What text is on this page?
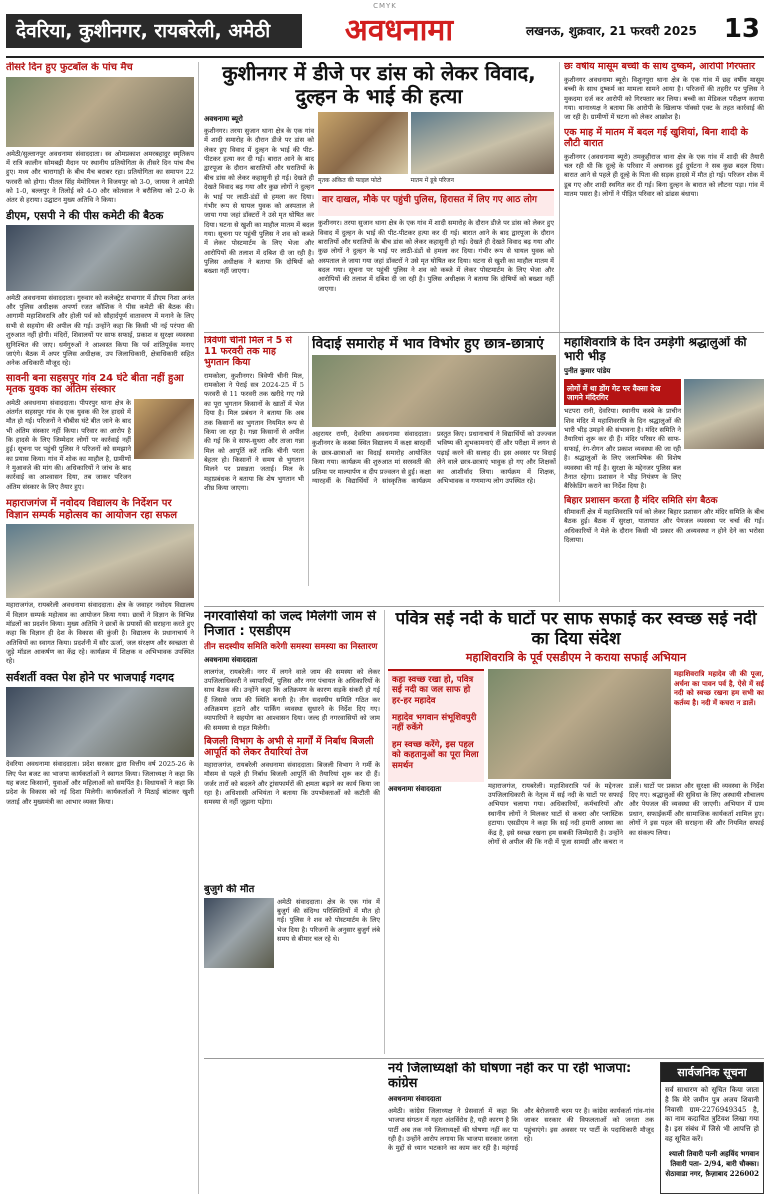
CMYK
देवरिया, कुशीनगर, रायबरेली, अमेठी	अवधनामा	लखनऊ, शुक्रवार, 21 फरवरी 2025 13
तीसरे दिन हुए फुटबॉल के पांच मैच
अमेठी/सुल्तानपुर अवधनामा संवाददाता। स्व ओमप्रकाश अमरबहादुर स्मृतिकप में रात्रि कालीन सोमबद्री मैदान पर स्थानीय प्रतियोगिता के तीसरे दिन पांच मैच हुए। मध्य और चारागाही के बीच मैच बराबर रहा। प्रतियोगिता का समापन 22 फरवरी को होगा। पीतल सिंह मेमोरियल ने विजयपुर को 3-0, जायस ने आमेठी को 1-0, बल्लपुर ने तिलोई को 4-0 और कोतवाल ने बरौलिया को 2-0 के अंतर से हराया। उद्घाटन मुख्य अतिथि ने किया।
डीएम, एसपी ने की पीस कमेटी की बैठक
अमेठी अवधनामा संवाददाता। गुरुवार को कलेक्ट्रेट सभागार में डीएम निशा अनंत और पुलिस अधीक्षक अपर्णा रजत कौशिक ने पीस कमेटी की बैठक की। आगामी महाशिवरात्रि और होली पर्व को सौहार्दपूर्ण वातावरण में मनाने के लिए सभी से सहयोग की अपील की गई। उन्होंने कहा कि किसी भी नई परंपरा की शुरुआत नहीं होगी। मंदिरों, शिवालयों पर साफ सफाई, प्रकाश व सुरक्षा व्यवस्था सुनिश्चित की जाए। धर्मगुरुओं ने आश्वस्त किया कि पर्व शांतिपूर्वक मनाए जाएंगे। बैठक में अपर पुलिस अधीक्षक, उप जिलाधिकारी, क्षेत्राधिकारी सहित अनेक अधिकारी मौजूद रहे।
सावनी बना सहसपुर गांव 24 घंटे बीता नहीं हुआ मृतक युवक का अंतिम संस्कार
अमेठी अवधनामा संवाददाता। पीपरपुर थाना क्षेत्र के अंतर्गत सहसपुर गांव के एक युवक की रेल हादसे में मौत हो गई। परिजनों ने चौबीस घंटे बीत जाने के बाद भी अंतिम संस्कार नहीं किया। परिवार का आरोप है कि हादसे के लिए जिम्मेदार लोगों पर कार्रवाई नहीं हुई। सूचना पर पहुंची पुलिस ने परिजनों को समझाने का प्रयास किया। गांव में शोक का माहौल है, ग्रामीणों ने मुआवजे की मांग की। अधिकारियों ने जांच के बाद कार्रवाई का आश्वासन दिया, तब जाकर परिजन अंतिम संस्कार के लिए तैयार हुए।
महाराजगंज में नवोदय विद्यालय के निर्देशन पर विज्ञान सम्पर्क महोत्सव का आयोजन रहा सफल
महाराजगंज, रायबरेली अवधनामा संवाददाता। क्षेत्र के जवाहर नवोदय विद्यालय में विज्ञान सम्पर्क महोत्सव का आयोजन किया गया। छात्रों ने विज्ञान के विभिन्न मॉडलों का प्रदर्शन किया। मुख्य अतिथि ने छात्रों के प्रयासों की सराहना करते हुए कहा कि विज्ञान ही देश के विकास की कुंजी है। विद्यालय के प्रधानाचार्य ने अतिथियों का स्वागत किया। प्रदर्शनी में सौर ऊर्जा, जल संरक्षण और स्वच्छता से जुड़े मॉडल आकर्षण का केंद्र रहे। कार्यक्रम में शिक्षक व अभिभावक उपस्थित रहे।
सर्वशर्ती वक्त पेश होने पर भाजपाई गदगद
देवरिया अवधनामा संवाददाता। प्रदेश सरकार द्वारा वित्तीय वर्ष 2025-26 के लिए पेश बजट का भाजपा कार्यकर्ताओं ने स्वागत किया। जिलाध्यक्ष ने कहा कि यह बजट किसानों, युवाओं और महिलाओं को समर्पित है। विधायकों ने कहा कि प्रदेश के विकास को नई दिशा मिलेगी। कार्यकर्ताओं ने मिठाई बांटकर खुशी जताई और मुख्यमंत्री का आभार व्यक्त किया।
कुशीनगर में डीजे पर डांस को लेकर विवाद, दुल्हन के भाई की हत्या
अवधनामा ब्यूरो
कुशीनगर। तरया सुजान थाना क्षेत्र के एक गांव में शादी समारोह के दौरान डीजे पर डांस को लेकर हुए विवाद में दुल्हन के भाई की पीट-पीटकर हत्या कर दी गई। बारात आने के बाद द्वारपूजा के दौरान बारातियों और घरातियों के बीच डांस को लेकर कहासुनी हो गई। देखते ही देखते विवाद बढ़ गया और कुछ लोगों ने दुल्हन के भाई पर लाठी-डंडों से हमला कर दिया। गंभीर रूप से घायल युवक को अस्पताल ले जाया गया जहां डॉक्टरों ने उसे मृत घोषित कर दिया। घटना से खुशी का माहौल मातम में बदल गया। सूचना पर पहुंची पुलिस ने शव को कब्जे में लेकर पोस्टमार्टम के लिए भेजा और आरोपियों की तलाश में दबिश दी जा रही है। पुलिस अधीक्षक ने बताया कि दोषियों को बख्शा नहीं जाएगा।
मृतक अंकित की फाइल फोटो	मातम में डूबे परिजन
वार दाखल, मौके पर पहुंची पुलिस, हिरासत में लिए गए आठ लोग
कुशीनगर। तरया सुजान थाना क्षेत्र के एक गांव में शादी समारोह के दौरान डीजे पर डांस को लेकर हुए विवाद में दुल्हन के भाई की पीट-पीटकर हत्या कर दी गई। बारात आने के बाद द्वारपूजा के दौरान बारातियों और घरातियों के बीच डांस को लेकर कहासुनी हो गई। देखते ही देखते विवाद बढ़ गया और कुछ लोगों ने दुल्हन के भाई पर लाठी-डंडों से हमला कर दिया। गंभीर रूप से घायल युवक को अस्पताल ले जाया गया जहां डॉक्टरों ने उसे मृत घोषित कर दिया। घटना से खुशी का माहौल मातम में बदल गया। सूचना पर पहुंची पुलिस ने शव को कब्जे में लेकर पोस्टमार्टम के लिए भेजा और आरोपियों की तलाश में दबिश दी जा रही है। पुलिस अधीक्षक ने बताया कि दोषियों को बख्शा नहीं जाएगा।
छः वर्षीय मासूम बच्ची के साथ दुष्कर्म, आरोपी गिरफ्तार
कुशीनगर अवधनामा ब्यूरो। विशुनपुरा थाना क्षेत्र के एक गांव में छह वर्षीय मासूम बच्ची के साथ दुष्कर्म का मामला सामने आया है। परिजनों की तहरीर पर पुलिस ने मुकदमा दर्ज कर आरोपी को गिरफ्तार कर लिया। बच्ची का मेडिकल परीक्षण कराया गया। थानाध्यक्ष ने बताया कि आरोपी के खिलाफ पॉक्सो एक्ट के तहत कार्रवाई की जा रही है। ग्रामीणों में घटना को लेकर आक्रोश है।
एक माह में मातम में बदल गई खुशियां, बिना शादी के लौटी बारात
कुशीनगर (अवधनामा ब्यूरो) तमकुहीराज थाना क्षेत्र के एक गांव में शादी की तैयारी चल रही थी कि दूल्हे के परिवार में अचानक हुई दुर्घटना ने सब कुछ बदल दिया। बारात आने से पहले ही दूल्हे के पिता की सड़क हादसे में मौत हो गई। परिजन शोक में डूब गए और शादी स्थगित कर दी गई। बिना दुल्हन के बारात को लौटना पड़ा। गांव में मातम पसरा है। लोगों ने पीड़ित परिवार को ढांढस बंधाया।
त्रिवेणी चीनी मिल ने 5 से 11 फरवरी तक माह भुगतान किया
रामकोला, कुशीनगर। त्रिवेणी चीनी मिल, रामकोला ने पेराई सत्र 2024-25 में 5 फरवरी से 11 फरवरी तक खरीदे गए गन्ने का पूरा भुगतान किसानों के खातों में भेज दिया है। मिल प्रबंधन ने बताया कि अब तक किसानों का भुगतान नियमित रूप से किया जा रहा है। गन्ना किसानों से अपील की गई कि वे साफ-सुथरा और ताजा गन्ना मिल को आपूर्ति करें ताकि चीनी परता बेहतर हो। किसानों ने समय से भुगतान मिलने पर प्रसन्नता जताई। मिल के महाप्रबंधक ने बताया कि शेष भुगतान भी शीघ्र किया जाएगा।
विदाई समारोह में भाव विभोर हुए छात्र-छात्राएं
अहरायर राणी, देवरिया अवधनामा संवाददाता। कुशीनगर के कस्बा स्थित विद्यालय में कक्षा बारहवीं के छात्र-छात्राओं का विदाई समारोह आयोजित किया गया। कार्यक्रम की शुरुआत मां सरस्वती की प्रतिमा पर माल्यार्पण व दीप प्रज्वलन से हुई। कक्षा ग्यारहवीं के विद्यार्थियों ने सांस्कृतिक कार्यक्रम प्रस्तुत किए। प्रधानाचार्य ने विद्यार्थियों को उज्ज्वल भविष्य की शुभकामनाएं दीं और परीक्षा में लगन से पढ़ाई करने की सलाह दी। इस अवसर पर विदाई लेने वाले छात्र-छात्राएं भावुक हो गए और शिक्षकों का आशीर्वाद लिया। कार्यक्रम में शिक्षक, अभिभावक व गणमान्य लोग उपस्थित रहे।
महाशिवरात्रि के दिन उमड़ेगी श्रद्धालुओं की भारी भीड़
पुनीत कुमार पांडेय
लोगों में था डोंग गेट पर वैक्सा देख जागने मंदिरगिर
भटपरा रानी, देवरिया। स्थानीय कस्बे के प्राचीन शिव मंदिर में महाशिवरात्रि के दिन श्रद्धालुओं की भारी भीड़ उमड़ने की संभावना है। मंदिर समिति ने तैयारियां शुरू कर दी हैं। मंदिर परिसर की साफ-सफाई, रंग-रोगन और प्रकाश व्यवस्था की जा रही है। श्रद्धालुओं के लिए जलाभिषेक की विशेष व्यवस्था की गई है। सुरक्षा के मद्देनजर पुलिस बल तैनात रहेगा। प्रशासन ने भीड़ नियंत्रण के लिए बैरिकेडिंग कराने का निर्देश दिया है।
बिहार प्रशासन करता है मंदिर समिति संग बैठक
सीमावर्ती क्षेत्र में महाशिवरात्रि पर्व को लेकर बिहार प्रशासन और मंदिर समिति के बीच बैठक हुई। बैठक में सुरक्षा, यातायात और पेयजल व्यवस्था पर चर्चा की गई। अधिकारियों ने मेले के दौरान किसी भी प्रकार की अव्यवस्था न होने देने का भरोसा दिलाया।
नगरवासियों को जल्द मिलेगी जाम से निजात : एसडीएम
तीन सदस्यीय समिति करेगी समस्या समस्या का निस्तारण
अवधनामा संवाददाता
लालगंज, रायबरेली। नगर में लगने वाले जाम की समस्या को लेकर उपजिलाधिकारी ने व्यापारियों, पुलिस और नगर पंचायत के अधिकारियों के साथ बैठक की। उन्होंने कहा कि अतिक्रमण के कारण सड़कें संकरी हो गई हैं जिससे जाम की स्थिति बनती है। तीन सदस्यीय समिति गठित कर अतिक्रमण हटाने और पार्किंग व्यवस्था सुधारने के निर्देश दिए गए। व्यापारियों ने सहयोग का आश्वासन दिया। जल्द ही नगरवासियों को जाम की समस्या से राहत मिलेगी।
बिजली विभाग के अभी से मार्गों में निर्बाध बिजली आपूर्ति को लेकर तैयारियां तेज
महाराजगंज, रायबरेली अवधनामा संवाददाता। बिजली विभाग ने गर्मी के मौसम से पहले ही निर्बाध बिजली आपूर्ति की तैयारियां शुरू कर दी हैं। जर्जर तारों को बदलने और ट्रांसफार्मरों की क्षमता बढ़ाने का कार्य किया जा रहा है। अधिशासी अभियंता ने बताया कि उपभोक्ताओं को कटौती की समस्या से नहीं जूझना पड़ेगा।
बुजुर्ग की मौत
अमेठी संवाददाता। क्षेत्र के एक गांव में बुजुर्ग की संदिग्ध परिस्थितियों में मौत हो गई। पुलिस ने शव को पोस्टमार्टम के लिए भेज दिया है। परिजनों के अनुसार बुजुर्ग लंबे समय से बीमार चल रहे थे।
पवित्र सई नदी के घाटों पर साफ सफाई कर स्वच्छ सई नदी का दिया संदेश
महाशिवरात्रि के पूर्व एसडीएम ने कराया सफाई अभियान
कहा स्वच्छ रखा हो, पवित्र सई नदी का जल साफ हो हर-हर महादेव
महादेव भगवान संभूशिवपुरी नहीं रुकेंगे
हम स्वच्छ करेंगे, इस पहल को कहतानुओं का पूरा मिला समर्थन
अवधनामा संवाददाता
महाशिवरात्रि महादेव जी की पूजा, अर्चना का पावन पर्व है, ऐसे में सई नदी को स्वच्छ रखना हम सभी का कर्तव्य है। नदी में कचरा न डालें।
महाराजगंज, रायबरेली। महाशिवरात्रि पर्व के मद्देनजर उपजिलाधिकारी के नेतृत्व में सई नदी के घाटों पर सफाई अभियान चलाया गया। अधिकारियों, कर्मचारियों और स्थानीय लोगों ने मिलकर घाटों से कचरा और प्लास्टिक हटाया। एसडीएम ने कहा कि सई नदी हमारी आस्था का केंद्र है, इसे स्वच्छ रखना हम सबकी जिम्मेदारी है। उन्होंने लोगों से अपील की कि नदी में पूजा सामग्री और कचरा न डालें। घाटों पर प्रकाश और सुरक्षा की व्यवस्था के निर्देश दिए गए। श्रद्धालुओं की सुविधा के लिए अस्थायी शौचालय और पेयजल की व्यवस्था की जाएगी। अभियान में ग्राम प्रधान, सफाईकर्मी और सामाजिक कार्यकर्ता शामिल हुए। लोगों ने इस पहल की सराहना की और नियमित सफाई का संकल्प लिया।
नये जिलाध्यक्षों की घोषणा नहीं कर पा रही भाजपा: कांग्रेस
अवधनामा संवाददाता
अमेठी। कांग्रेस जिलाध्यक्ष ने प्रेसवार्ता में कहा कि भाजपा संगठन में गहरा अंतर्विरोध है, यही कारण है कि पार्टी अब तक नये जिलाध्यक्षों की घोषणा नहीं कर पा रही है। उन्होंने आरोप लगाया कि भाजपा सरकार जनता के मुद्दों से ध्यान भटकाने का काम कर रही है। महंगाई और बेरोजगारी चरम पर है। कांग्रेस कार्यकर्ता गांव-गांव जाकर सरकार की विफलताओं को जनता तक पहुंचाएंगे। इस अवसर पर पार्टी के पदाधिकारी मौजूद रहे।
सार्वजनिक सूचना
सर्व साधारण को सूचित किया जाता है कि मेरे जमीन पुत्र अजय शिवानी निवासी ग्राम-2276949345 है, का नाम कदाचित त्रुटिवश लिखा गया है। इस संबंध में जिसे भी आपत्ति हो वह सूचित करें।
श्याली तिवारी पत्नी अहविंद भगवान तिवारी पता- 2/94, बारी चौक्का। सेठावाडा नगर, फ़ैज़ाबाद 226002
